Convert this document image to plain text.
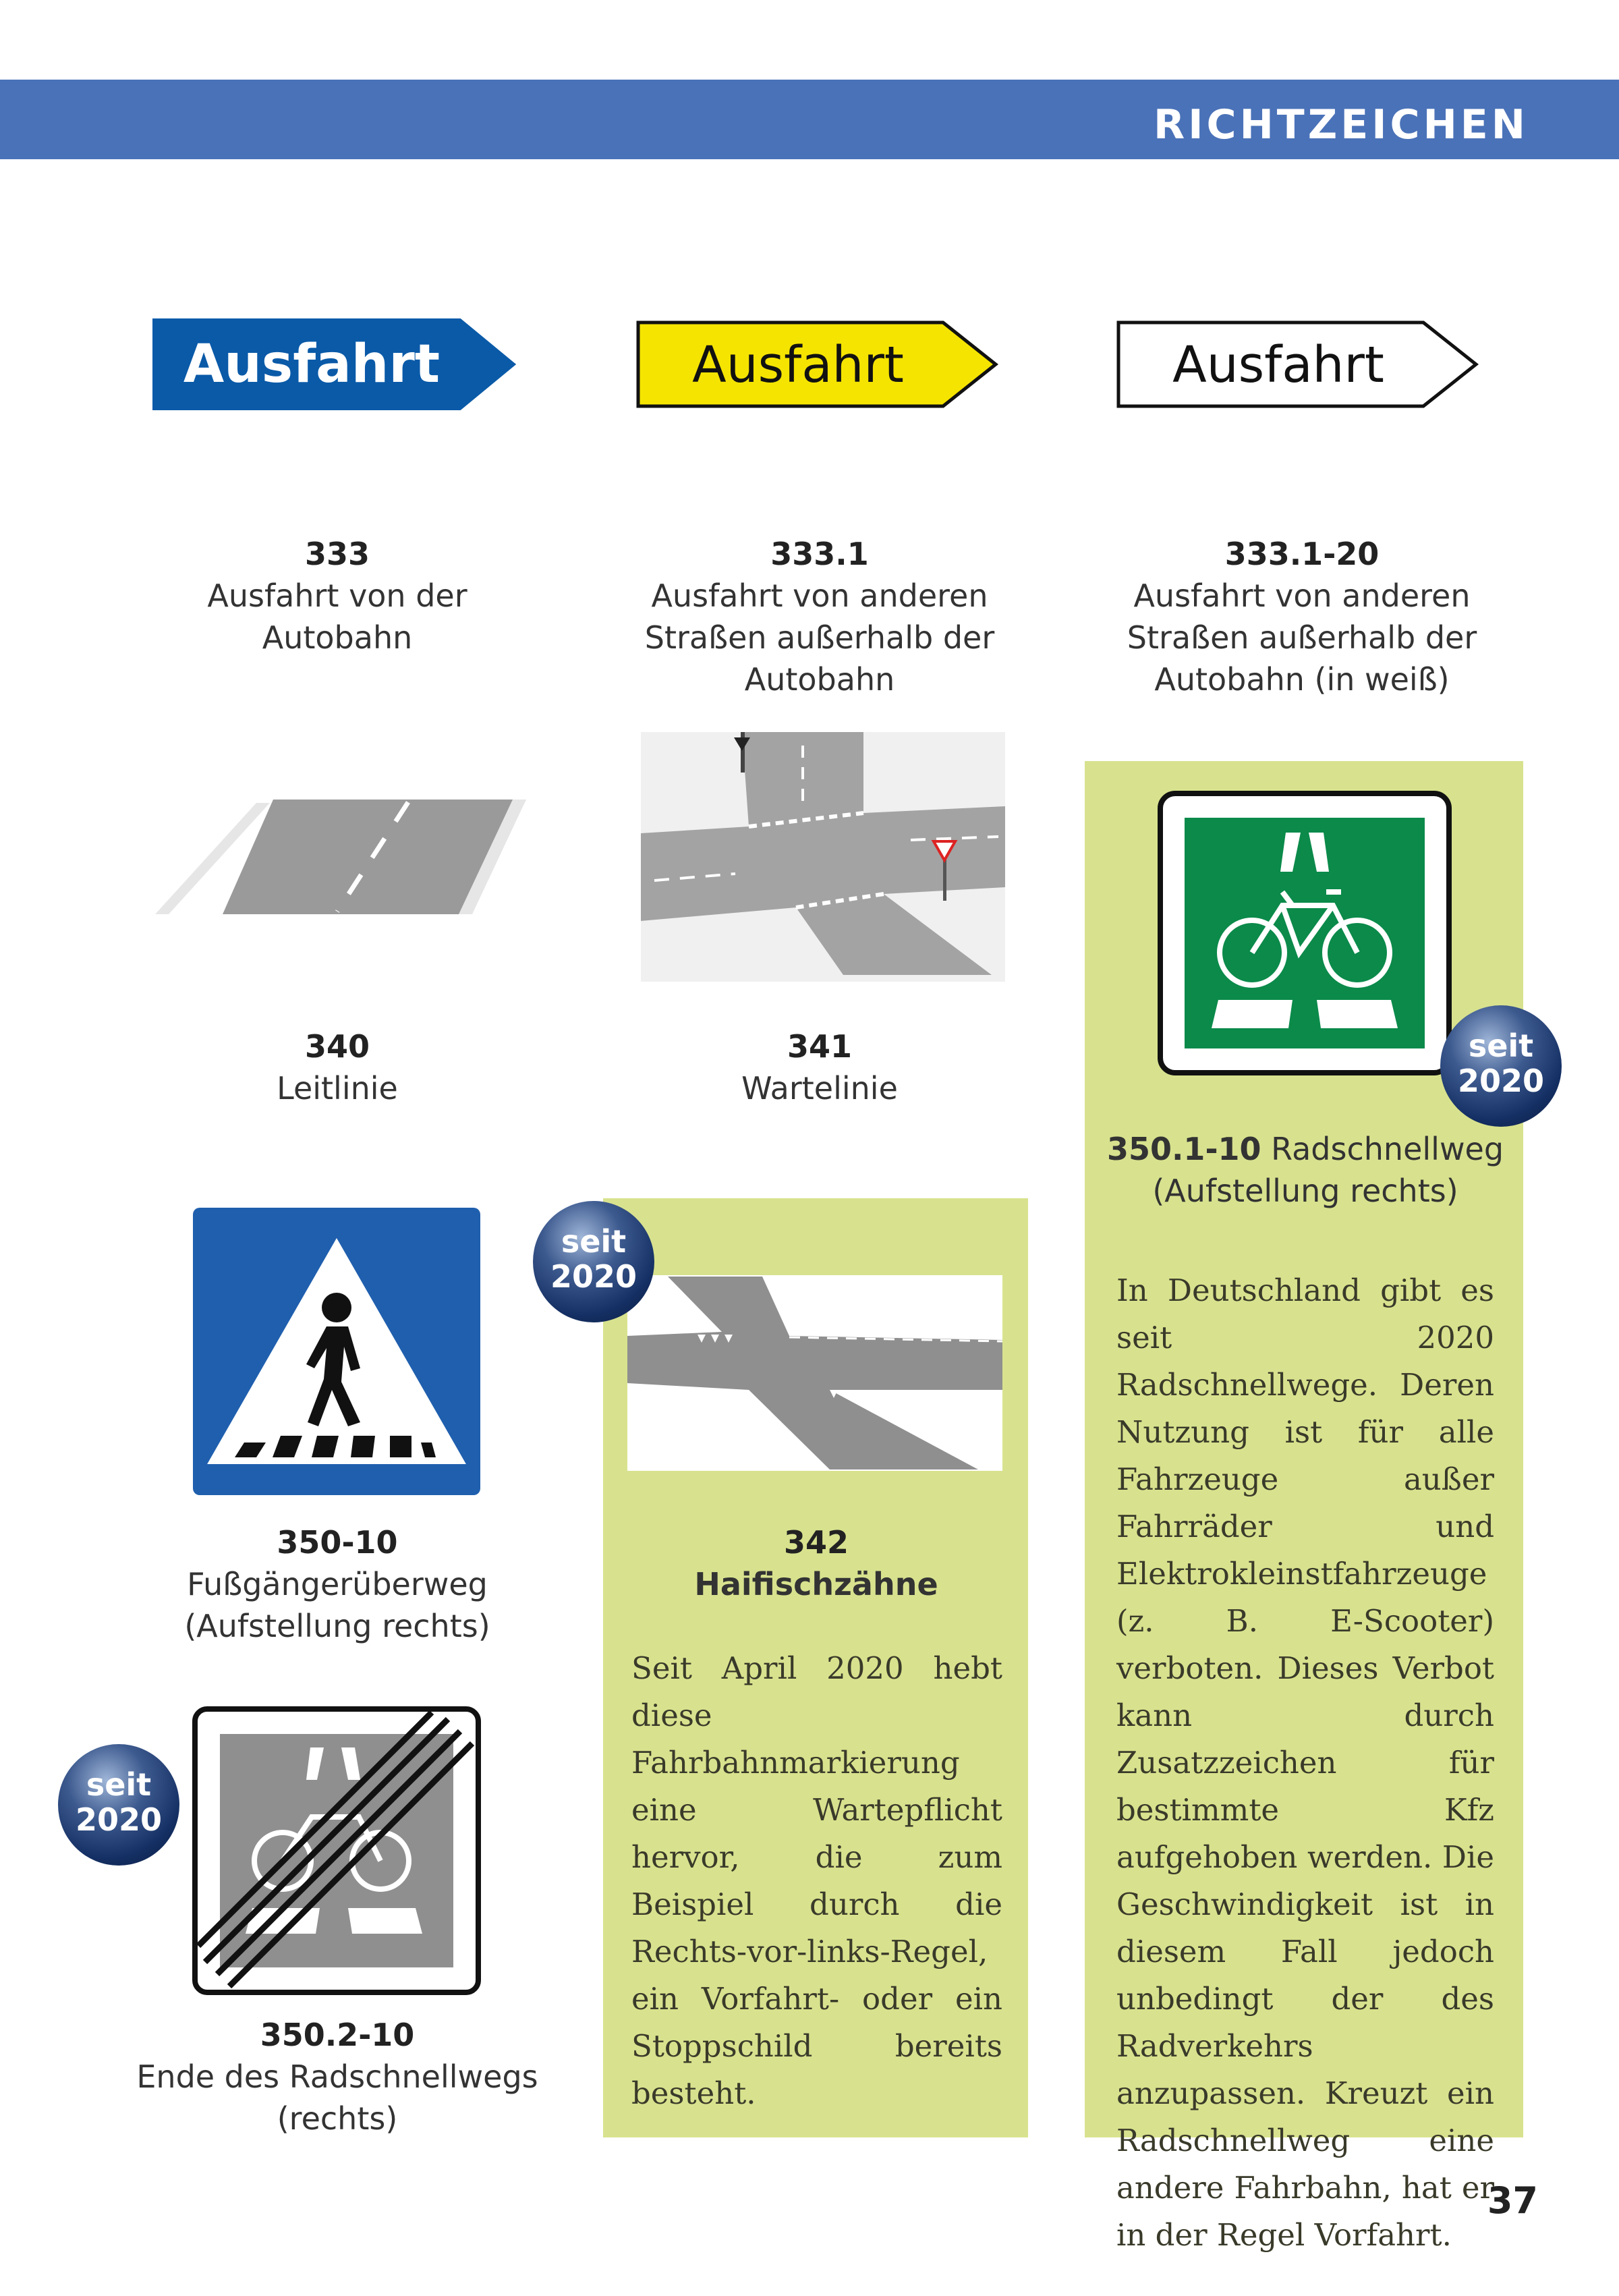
RICHTZEICHEN
Ausfahrt	Ausfahrt	Ausfahrt
333
Ausfahrt von der Autobahn
333.1
Ausfahrt von anderen Straßen außerhalb der Autobahn
333.1-20
Ausfahrt von anderen Straßen außerhalb der Autobahn (in weiß)
340
Leitlinie
341
Wartelinie
seit
2020
350.1-10 Radschnellweg (Aufstellung rechts)
In Deutschland gibt es seit 2020 Radschnellwege. Deren Nutzung ist für alle Fahrzeuge außer Fahrräder und Elektrokleinstfahrzeuge (z. B. E-Scooter) verboten. Dieses Verbot kann durch Zusatzzeichen für bestimmte Kfz aufgehoben werden. Die Geschwindigkeit ist in diesem Fall jedoch unbedingt der des Radverkehrs anzupassen. Kreuzt ein Radschnellweg eine andere Fahrbahn, hat er in der Regel Vorfahrt.
350-10
Fußgängerüberweg (Aufstellung rechts)
seit
2020
350.2-10
Ende des Radschnellwegs (rechts)
seit
2020
342
Haifischzähne
Seit April 2020 hebt diese Fahrbahnmarkierung eine Wartepflicht hervor, die zum Beispiel durch die Rechts-vor-links-Regel, ein Vorfahrt- oder ein Stoppschild bereits besteht.
37
